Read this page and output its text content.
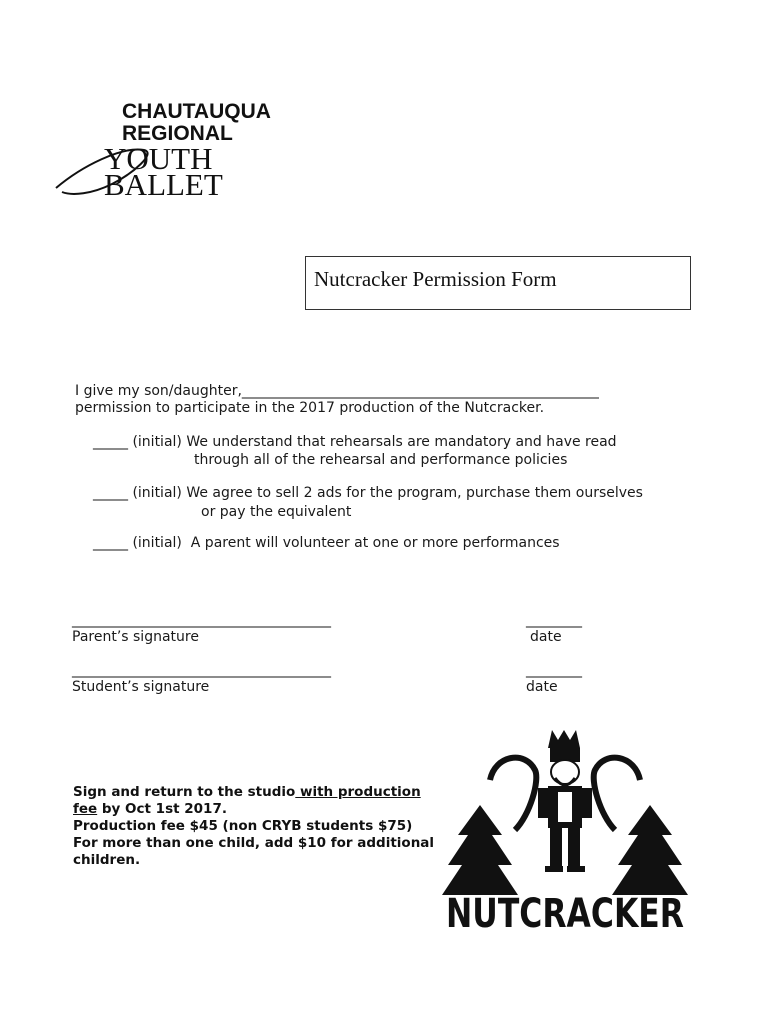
CHAUTAUQUA
REGIONAL
YOUTH
BALLET
Nutcracker Permission Form
I give my son/daughter,___________________________________________________
permission to participate in the 2017 production of the Nutcracker.
_____ (initial) We understand that rehearsals are mandatory and have read
through all of the rehearsal and performance policies
_____ (initial) We agree to sell 2 ads for the program, purchase them ourselves
or pay the equivalent
_____ (initial)  A parent will volunteer at one or more performances
_____________________________________
Parent’s signature
________
date
_____________________________________
Student’s signature
________
date
Sign and return to the studio with production
fee by Oct 1st 2017.
Production fee $45 (non CRYB students $75)
For more than one child, add $10 for additional
children.
NUTCRACKER
